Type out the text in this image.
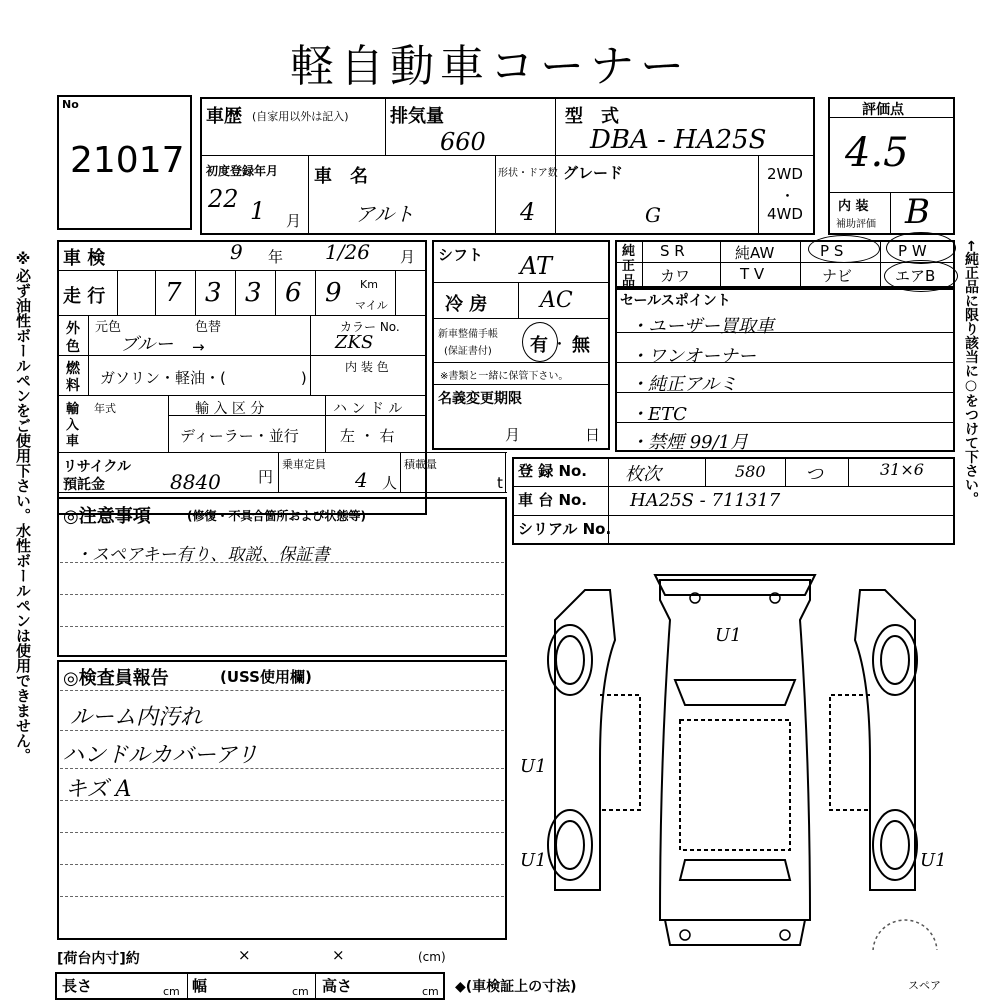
軽自動車コーナー
※必ず油性ボールペンをご使用下さい。水性ボールペンは使用できません。
No
21017
車歴 (自家用以外は記入) 排気量
660
型　式
DBA - HA25S
初度登録年月
22 1 月
車　名
アルト
形状・ドア数
4
グレード
G
2WD
・
4WD
評価点
4.5
内 装
補助評価 B
車 検	9 年 1/26 月
走 行 7 3 3 6 9 Km
マイル
外
色
元色	色替
ブルー →
カラー No.
ZKS
燃
料 ガソリン・軽油・(　　　　　)
内 装 色
輸
入
車
年式	輸 入 区 分
ディーラー・並行
ハ ン ド ル
左 ・ 右
リサイクル
預託金	8840 円
乗車定員
4 人
積載量
t
シフト AT
冷 房 AC
新車整備手帳
(保証書付) 有 ・ 無
※書類と一緒に保管下さい。
名義変更期限
月	日
純
正
品
S R	純AW	P S	P W
カワ	T V	ナビ	エアB ←純正品に限り該当に○をつけて下さい。
セールスポイント
・ユーザー買取車
・ワンオーナー
・純正アルミ
・ETC
・禁煙 99/1月
登 録 No. 枚次	580 つ	31×6
車 台 No. HA25S - 711317
シリアル No.
◎注意事項	(修復・不具合箇所および状態等)
・スペアキー有り、取説、保証書
◎検査員報告	(USS使用欄)
ルーム内汚れ
ハンドルカバーアリ
キズ A
U1
U1
U1	U1
スペア
[荷台内寸]約	×	×	(cm)
長さ	cm 幅	cm 高さ	cm ◆(車検証上の寸法)
